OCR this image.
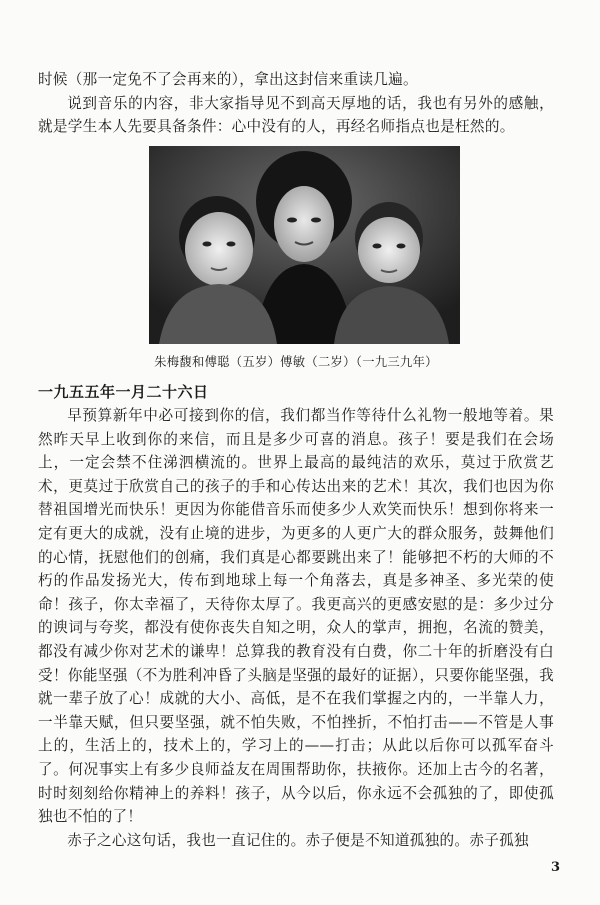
时候（那一定免不了会再来的），拿出这封信来重读几遍。

说到音乐的内容，非大家指导见不到高天厚地的话，我也有另外的感触，就是学生本人先要具备条件：心中没有的人，再经名师指点也是枉然的。

朱梅馥和傅聪（五岁）傅敏（二岁）（一九三九年）
一九五五年一月二十六日

早预算新年中必可接到你的信，我们都当作等待什么礼物一般地等着。果然昨天早上收到你的来信，而且是多少可喜的消息。孩子！要是我们在会场上，一定会禁不住涕泗横流的。世界上最高的最纯洁的欢乐，莫过于欣赏艺术，更莫过于欣赏自己的孩子的手和心传达出来的艺术！其次，我们也因为你替祖国增光而快乐！更因为你能借音乐而使多少人欢笑而快乐！想到你将来一定有更大的成就，没有止境的进步，为更多的人更广大的群众服务，鼓舞他们的心情，抚慰他们的创痛，我们真是心都要跳出来了！能够把不朽的大师的不朽的作品发扬光大，传布到地球上每一个角落去，真是多神圣、多光荣的使命！孩子，你太幸福了，天待你太厚了。我更高兴的更感安慰的是：多少过分的谀词与夸奖，都没有使你丧失自知之明，众人的掌声，拥抱，名流的赞美，都没有减少你对艺术的谦卑！总算我的教育没有白费，你二十年的折磨没有白受！你能坚强（不为胜利冲昏了头脑是坚强的最好的证据），只要你能坚强，我就一辈子放了心！成就的大小、高低，是不在我们掌握之内的，一半靠人力，一半靠天赋，但只要坚强，就不怕失败，不怕挫折，不怕打击——不管是人事上的，生活上的，技术上的，学习上的——打击；从此以后你可以孤军奋斗了。何况事实上有多少良师益友在周围帮助你，扶掖你。还加上古今的名著，时时刻刻给你精神上的养料！孩子，从今以后，你永远不会孤独的了，即使孤独也不怕的了！

赤子之心这句话，我也一直记住的。赤子便是不知道孤独的。赤子孤独

3
